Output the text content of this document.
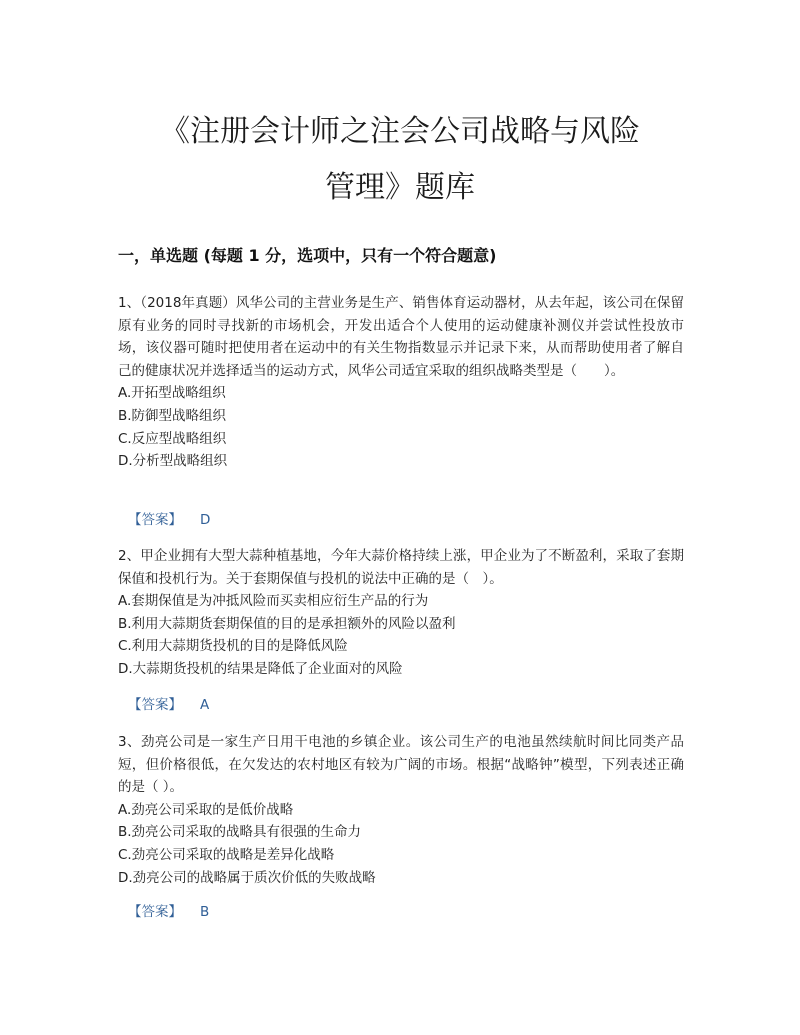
《注册会计师之注会公司战略与风险
管理》题库
一，单选题 (每题 1 分，选项中，只有一个符合题意)

1、（2018年真题）风华公司的主营业务是生产、销售体育运动器材，从去年起，该公司在保留原有业务的同时寻找新的市场机会，开发出适合个人使用的运动健康补测仪并尝试性投放市场，该仪器可随时把使用者在运动中的有关生物指数显示并记录下来，从而帮助使用者了解自己的健康状况并选择适当的运动方式，风华公司适宜采取的组织战略类型是（　　）。

A.开拓型战略组织

B.防御型战略组织

C.反应型战略组织

D.分析型战略组织

【答案】 D

2、甲企业拥有大型大蒜种植基地，今年大蒜价格持续上涨，甲企业为了不断盈利，采取了套期保值和投机行为。关于套期保值与投机的说法中正确的是（　）。

A.套期保值是为冲抵风险而买卖相应衍生产品的行为

B.利用大蒜期货套期保值的目的是承担额外的风险以盈利

C.利用大蒜期货投机的目的是降低风险

D.大蒜期货投机的结果是降低了企业面对的风险

【答案】 A

3、劲亮公司是一家生产日用干电池的乡镇企业。该公司生产的电池虽然续航时间比同类产品短，但价格很低，在欠发达的农村地区有较为广阔的市场。根据“战略钟”模型，下列表述正确的是（ ）。

A.劲亮公司采取的是低价战略

B.劲亮公司采取的战略具有很强的生命力

C.劲亮公司采取的战略是差异化战略

D.劲亮公司的战略属于质次价低的失败战略

【答案】 B
